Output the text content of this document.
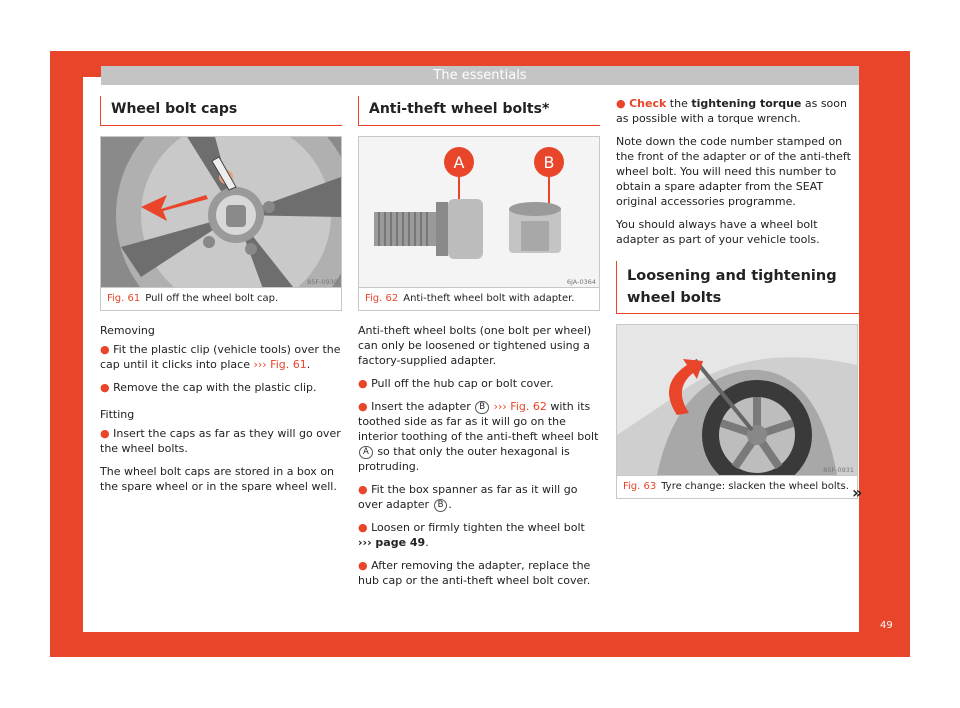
The essentials
Wheel bolt caps
85F-0930
Fig. 61 Pull off the wheel bolt cap.

Removing

● Fit the plastic clip (vehicle tools) over the cap until it clicks into place ››› Fig. 61.

● Remove the cap with the plastic clip.

Fitting

● Insert the caps as far as they will go over the wheel bolts.

The wheel bolt caps are stored in a box on the spare wheel or in the spare wheel well.

Anti-theft wheel bolts*
A	B
6JA-0364
Fig. 62 Anti-theft wheel bolt with adapter.

Anti-theft wheel bolts (one bolt per wheel) can only be loosened or tightened using a factory-supplied adapter.

● Pull off the hub cap or bolt cover.

● Insert the adapter B ››› Fig. 62 with its toothed side as far as it will go on the interior toothing of the anti-theft wheel bolt A so that only the outer hexagonal is protruding.

● Fit the box spanner as far as it will go over adapter B .

● Loosen or firmly tighten the wheel bolt
››› page 49.

● After removing the adapter, replace the hub cap or the anti-theft wheel bolt cover.

● Check the tightening torque as soon as possible with a torque wrench.

Note down the code number stamped on the front of the adapter or of the anti-theft wheel bolt. You will need this number to obtain a spare adapter from the SEAT original accessories programme.

You should always have a wheel bolt adapter as part of your vehicle tools.

Loosening and tightening wheel bolts
85F-0931
Fig. 63 Tyre change: slacken the wheel bolts. »
49
